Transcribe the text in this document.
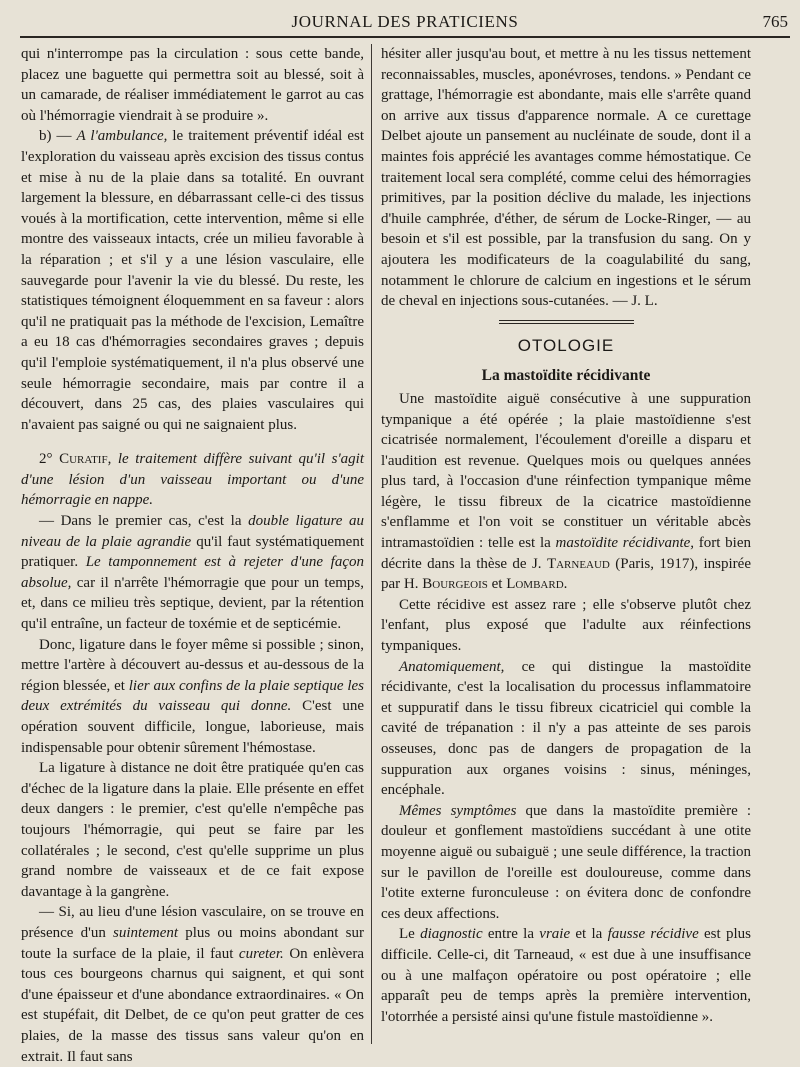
JOURNAL DES PRATICIENS	765

qui n'interrompe pas la circulation : sous cette bande, placez une baguette qui permettra soit au blessé, soit à un camarade, de réaliser immédiatement le garrot au cas où l'hémorragie viendrait à se produire ».

b) — A l'ambulance, le traitement préventif idéal est l'exploration du vaisseau après excision des tissus contus et mise à nu de la plaie dans sa totalité. En ouvrant largement la blessure, en débarrassant celle-ci des tissus voués à la mortification, cette intervention, même si elle montre des vaisseaux intacts, crée un milieu favorable à la réparation ; et s'il y a une lésion vasculaire, elle sauvegarde pour l'avenir la vie du blessé. Du reste, les statistiques témoignent éloquemment en sa faveur : alors qu'il ne pratiquait pas la méthode de l'excision, Lemaître a eu 18 cas d'hémorragies secondaires graves ; depuis qu'il l'emploie systématiquement, il n'a plus observé une seule hémorragie secondaire, mais par contre il a découvert, dans 25 cas, des plaies vasculaires qui n'avaient pas saigné ou qui ne saignaient plus.

2° Curatif, le traitement diffère suivant qu'il s'agit d'une lésion d'un vaisseau important ou d'une hémorragie en nappe.

— Dans le premier cas, c'est la double ligature au niveau de la plaie agrandie qu'il faut systématiquement pratiquer. Le tamponnement est à rejeter d'une façon absolue, car il n'arrête l'hémorragie que pour un temps, et, dans ce milieu très septique, devient, par la rétention qu'il entraîne, un facteur de toxémie et de septicémie.

Donc, ligature dans le foyer même si possible ; sinon, mettre l'artère à découvert au-dessus et au-dessous de la région blessée, et lier aux confins de la plaie septique les deux extrémités du vaisseau qui donne. C'est une opération souvent difficile, longue, laborieuse, mais indispensable pour obtenir sûrement l'hémostase.

La ligature à distance ne doit être pratiquée qu'en cas d'échec de la ligature dans la plaie. Elle présente en effet deux dangers : le premier, c'est qu'elle n'empêche pas toujours l'hémorragie, qui peut se faire par les collatérales ; le second, c'est qu'elle supprime un plus grand nombre de vaisseaux et de ce fait expose davantage à la gangrène.

— Si, au lieu d'une lésion vasculaire, on se trouve en présence d'un suintement plus ou moins abondant sur toute la surface de la plaie, il faut cureter. On enlèvera tous ces bourgeons charnus qui saignent, et qui sont d'une épaisseur et d'une abondance extraordinaires. « On est stupéfait, dit Delbet, de ce qu'on peut gratter de ces plaies, de la masse des tissus sans valeur qu'on en extrait. Il faut sans

hésiter aller jusqu'au bout, et mettre à nu les tissus nettement reconnaissables, muscles, aponévroses, tendons. » Pendant ce grattage, l'hémorragie est abondante, mais elle s'arrête quand on arrive aux tissus d'apparence normale. A ce curettage Delbet ajoute un pansement au nucléinate de soude, dont il a maintes fois apprécié les avantages comme hémostatique. Ce traitement local sera complété, comme celui des hémorragies primitives, par la position déclive du malade, les injections d'huile camphrée, d'éther, de sérum de Locke-Ringer, — au besoin et s'il est possible, par la transfusion du sang. On y ajoutera les modificateurs de la coagulabilité du sang, notamment le chlorure de calcium en ingestions et le sérum de cheval en injections sous-cutanées. — J. L.

OTOLOGIE
La mastoïdite récidivante

Une mastoïdite aiguë consécutive à une suppuration tympanique a été opérée ; la plaie mastoïdienne s'est cicatrisée normalement, l'écoulement d'oreille a disparu et l'audition est revenue. Quelques mois ou quelques années plus tard, à l'occasion d'une réinfection tympanique même légère, le tissu fibreux de la cicatrice mastoïdienne s'enflamme et l'on voit se constituer un véritable abcès intramastoïdien : telle est la mastoïdite récidivante, fort bien décrite dans la thèse de J. Tarneaud (Paris, 1917), inspirée par H. Bourgeois et Lombard.

Cette récidive est assez rare ; elle s'observe plutôt chez l'enfant, plus exposé que l'adulte aux réinfections tympaniques.

Anatomiquement, ce qui distingue la mastoïdite récidivante, c'est la localisation du processus inflammatoire et suppuratif dans le tissu fibreux cicatriciel qui comble la cavité de trépanation : il n'y a pas atteinte de ses parois osseuses, donc pas de dangers de propagation de la suppuration aux organes voisins : sinus, méninges, encéphale.

Mêmes symptômes que dans la mastoïdite première : douleur et gonflement mastoïdiens succédant à une otite moyenne aiguë ou subaiguë ; une seule différence, la traction sur le pavillon de l'oreille est douloureuse, comme dans l'otite externe furonculeuse : on évitera donc de confondre ces deux affections.

Le diagnostic entre la vraie et la fausse récidive est plus difficile. Celle-ci, dit Tarneaud, « est due à une insuffisance ou à une malfaçon opératoire ou post opératoire ; elle apparaît peu de temps après la première intervention, l'otorrhée a persisté ainsi qu'une fistule mastoïdienne ».
